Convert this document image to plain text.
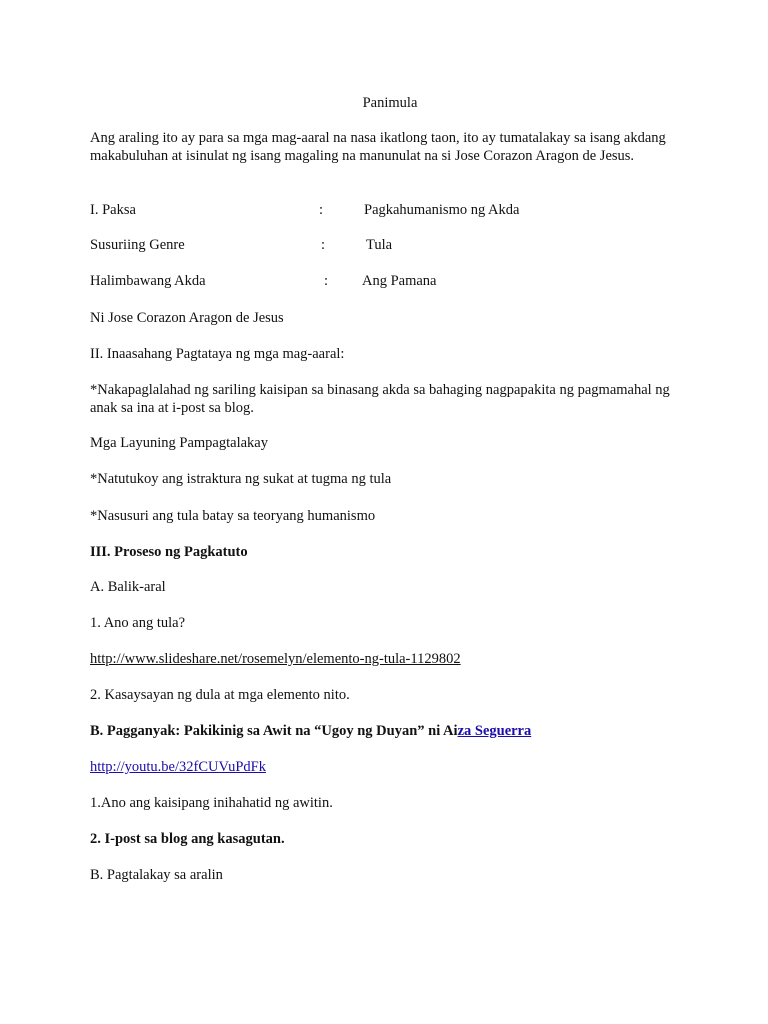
Panimula
Ang araling ito ay para sa mga mag-aaral na nasa ikatlong taon, ito ay tumatalakay sa isang akdang makabuluhan at isinulat ng isang magaling na manunulat na si Jose Corazon Aragon de Jesus.
I. Paksa	:	Pagkahumanismo ng Akda
Susuriing Genre	:	Tula
Halimbawang Akda	: Ang Pamana
Ni Jose Corazon Aragon de Jesus
II. Inaasahang Pagtataya ng mga mag-aaral:
*Nakapaglalahad ng sariling kaisipan sa binasang akda sa bahaging nagpapakita ng pagmamahal ng anak sa ina at i-post sa blog.
Mga Layuning Pampagtalakay
*Natutukoy ang istraktura ng sukat at tugma ng tula
*Nasusuri ang tula batay sa teoryang humanismo
III. Proseso ng Pagkatuto
A. Balik-aral
1. Ano ang tula?
http://www.slideshare.net/rosemelyn/elemento-ng-tula-1129802
2. Kasaysayan ng dula at mga elemento nito.
B. Pagganyak: Pakikinig sa Awit na “Ugoy ng Duyan” ni Aiza Seguerra
http://youtu.be/32fCUVuPdFk
1.Ano ang kaisipang inihahatid ng awitin.
2. I-post sa blog ang kasagutan.
B. Pagtalakay sa aralin
